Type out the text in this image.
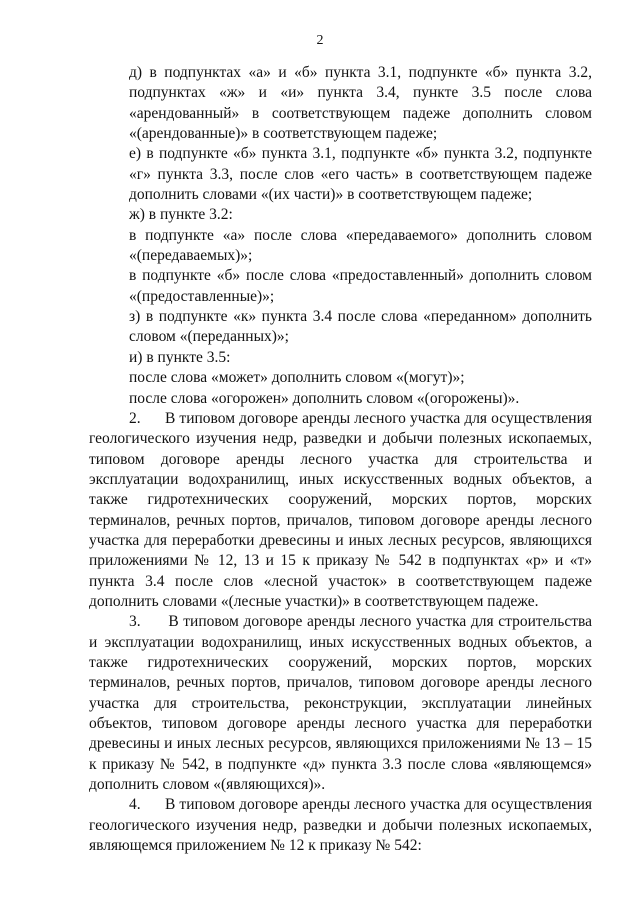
2

д) в подпунктах «а» и «б» пункта 3.1, подпункте «б» пункта 3.2, подпунктах «ж» и «и» пункта 3.4, пункте 3.5 после слова «арендованный» в соответствующем падеже дополнить словом «(арендованные)» в соответствующем падеже;

е) в подпункте «б» пункта 3.1, подпункте «б» пункта 3.2, подпункте «г» пункта 3.3, после слов «его часть» в соответствующем падеже дополнить словами «(их части)» в соответствующем падеже;

ж) в пункте 3.2:

в подпункте «а» после слова «передаваемого» дополнить словом «(передаваемых)»;

в подпункте «б» после слова «предоставленный» дополнить словом «(предоставленные)»;

з) в подпункте «к» пункта 3.4 после слова «переданном» дополнить словом «(переданных)»;

и) в пункте 3.5:

после слова «может» дополнить словом «(могут)»;

после слова «огорожен» дополнить словом «(огорожены)».

2.      В типовом договоре аренды лесного участка для осуществления геологического изучения недр, разведки и добычи полезных ископаемых, типовом договоре аренды лесного участка для строительства и эксплуатации водохранилищ, иных искусственных водных объектов, а также гидротехнических сооружений, морских портов, морских терминалов, речных портов, причалов, типовом договоре аренды лесного участка для переработки древесины и иных лесных ресурсов, являющихся приложениями № 12, 13 и 15 к приказу № 542 в подпунктах «р» и «т» пункта 3.4 после слов «лесной участок» в соответствующем падеже дополнить словами «(лесные участки)» в соответствующем падеже.

3.      В типовом договоре аренды лесного участка для строительства и эксплуатации водохранилищ, иных искусственных водных объектов, а также гидротехнических сооружений, морских портов, морских терминалов, речных портов, причалов, типовом договоре аренды лесного участка для строительства, реконструкции, эксплуатации линейных объектов, типовом договоре аренды лесного участка для переработки древесины и иных лесных ресурсов, являющихся приложениями № 13 – 15 к приказу № 542, в подпункте «д» пункта 3.3 после слова «являющемся» дополнить словом «(являющихся)».

4.      В типовом договоре аренды лесного участка для осуществления геологического изучения недр, разведки и добычи полезных ископаемых, являющемся приложением № 12 к приказу № 542:
